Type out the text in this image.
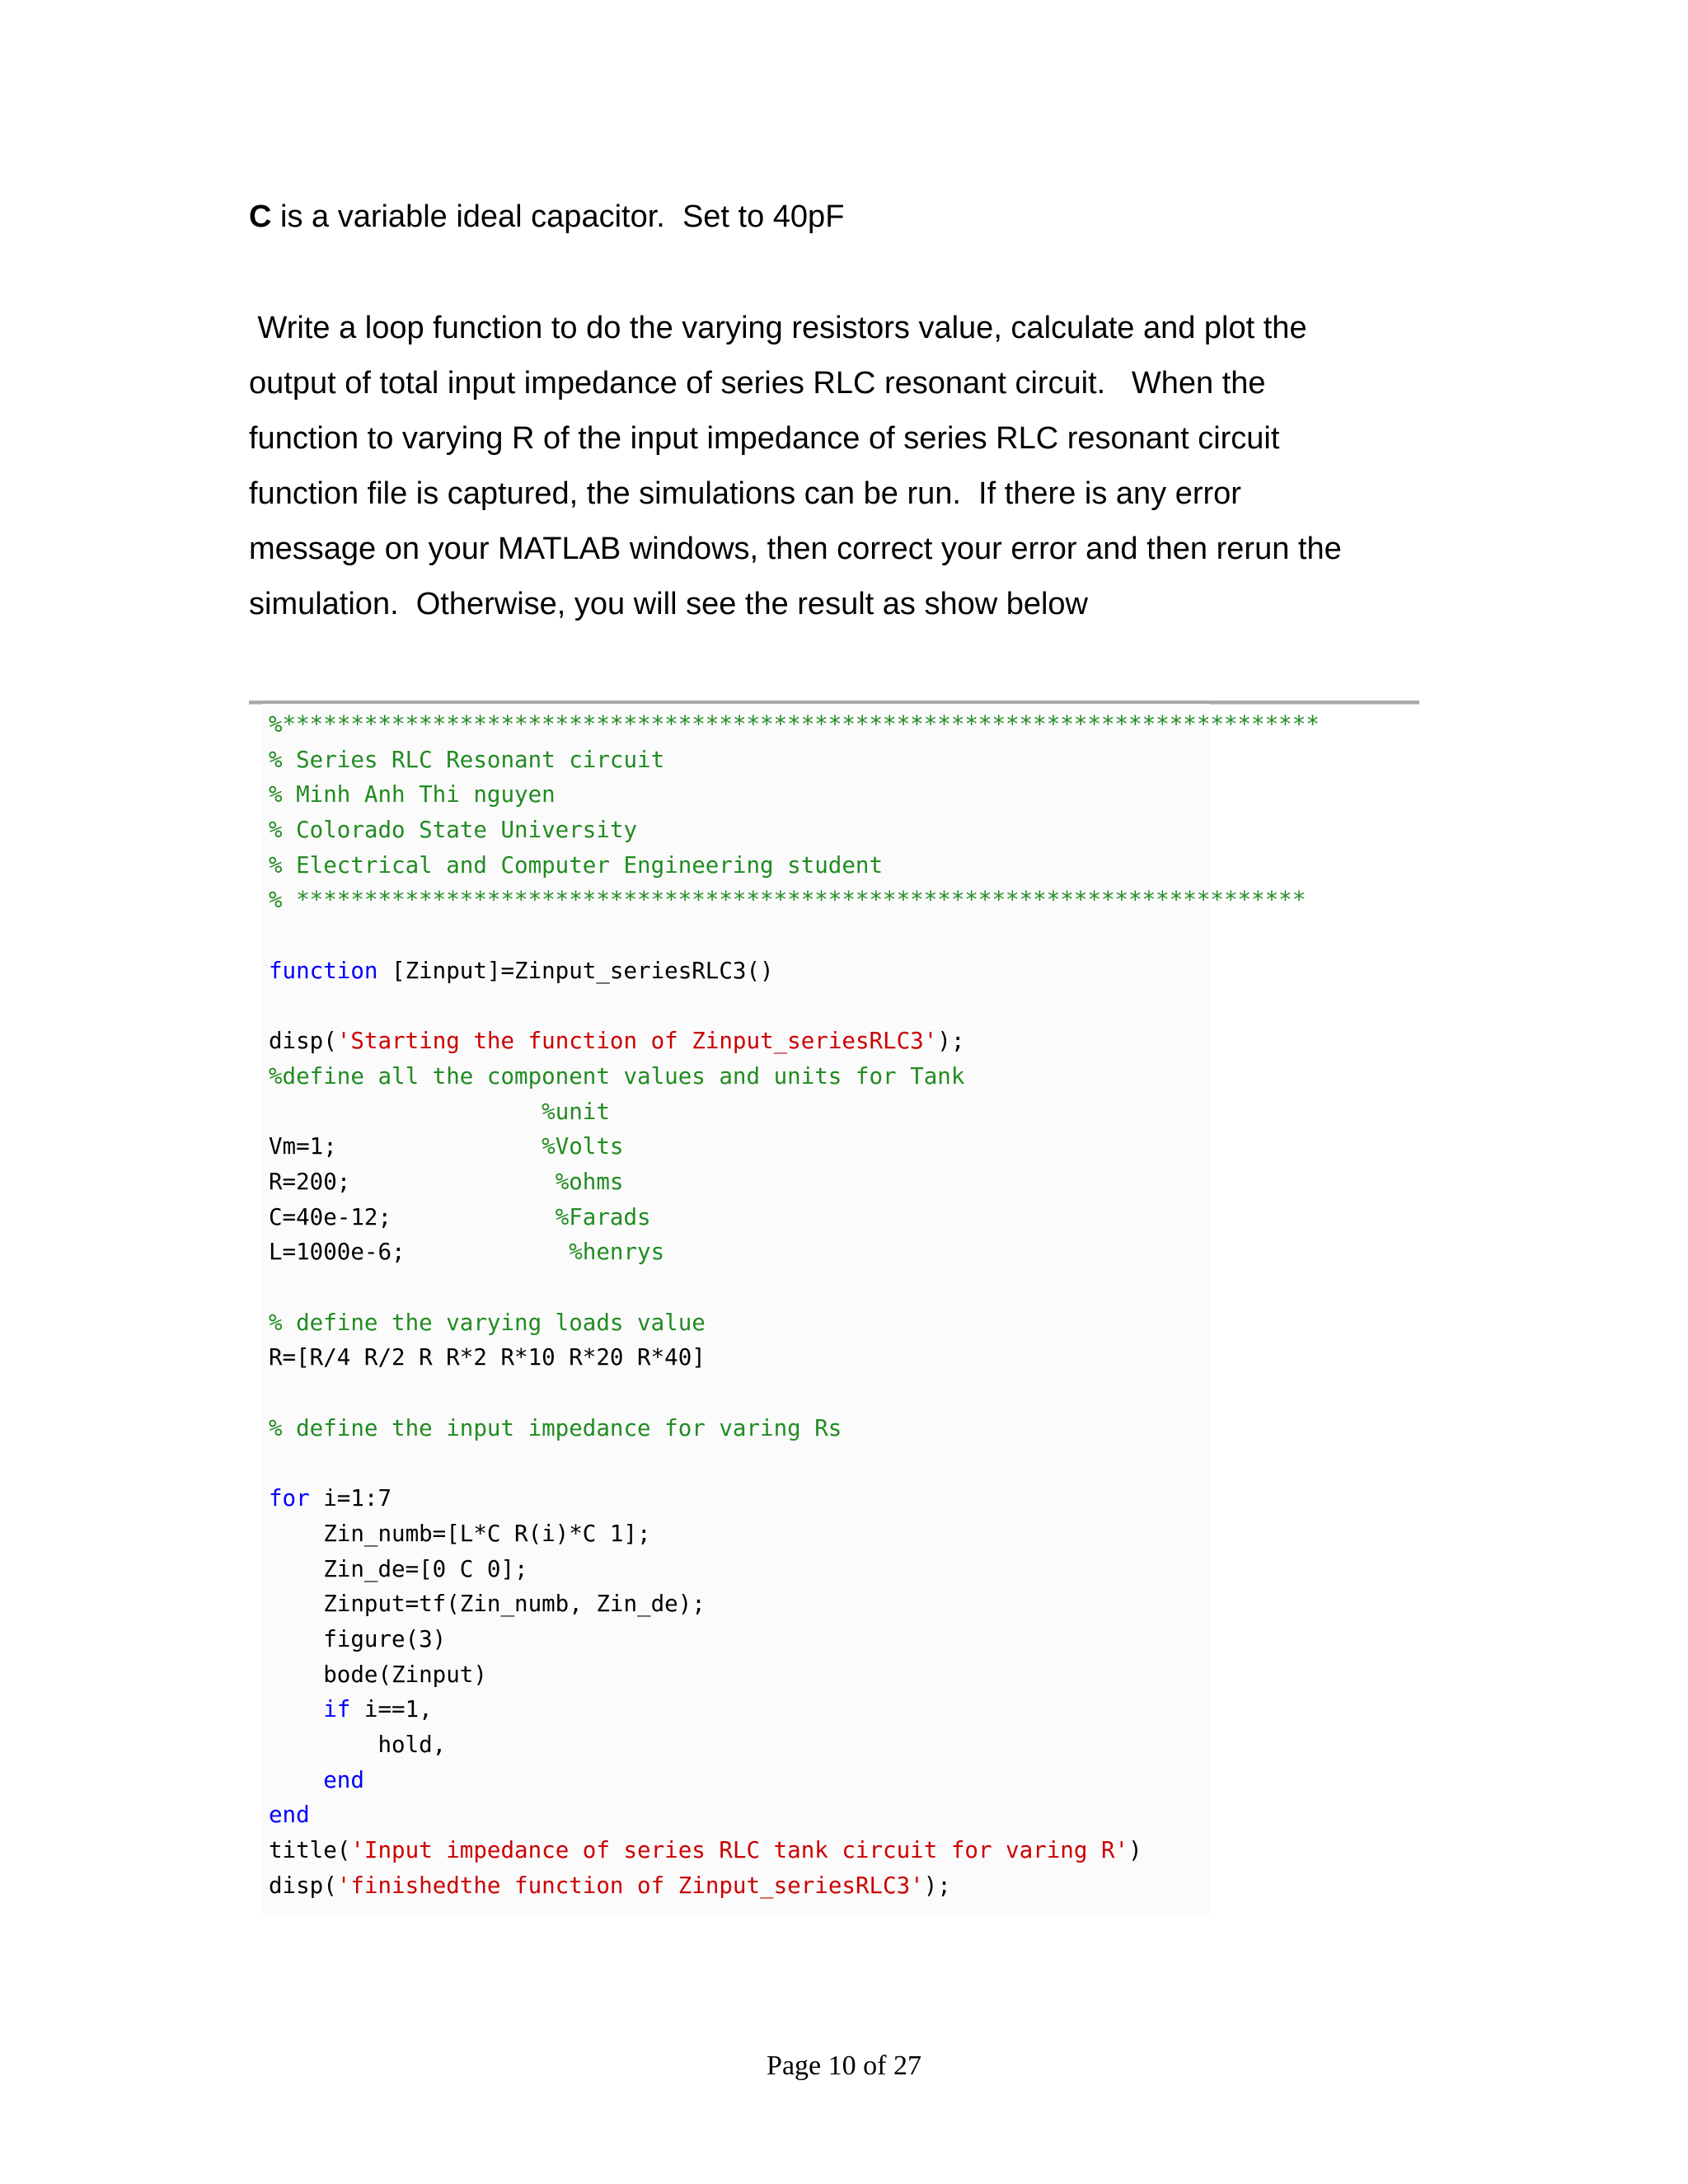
C is a variable ideal capacitor.  Set to 40pF
Write a loop function to do the varying resistors value, calculate and plot the
output of total input impedance of series RLC resonant circuit.   When the
function to varying R of the input impedance of series RLC resonant circuit
function file is captured, the simulations can be run.  If there is any error
message on your MATLAB windows, then correct your error and then rerun the
simulation.  Otherwise, you will see the result as show below
%****************************************************************************
% Series RLC Resonant circuit
% Minh Anh Thi nguyen
% Colorado State University
% Electrical and Computer Engineering student
% **************************************************************************
function [Zinput]=Zinput_seriesRLC3()
disp('Starting the function of Zinput_seriesRLC3');
%define all the component values and units for Tank
%unit
Vm=1;               %Volts
R=200;               %ohms
C=40e-12;            %Farads
L=1000e-6;            %henrys
% define the varying loads value
R=[R/4 R/2 R R*2 R*10 R*20 R*40]
% define the input impedance for varing Rs
for i=1:7
Zin_numb=[L*C R(i)*C 1];
Zin_de=[0 C 0];
Zinput=tf(Zin_numb, Zin_de);
figure(3)
bode(Zinput)
if i==1,
hold,
end
end
title('Input impedance of series RLC tank circuit for varing R')
disp('finishedthe function of Zinput_seriesRLC3');
Page 10 of 27
